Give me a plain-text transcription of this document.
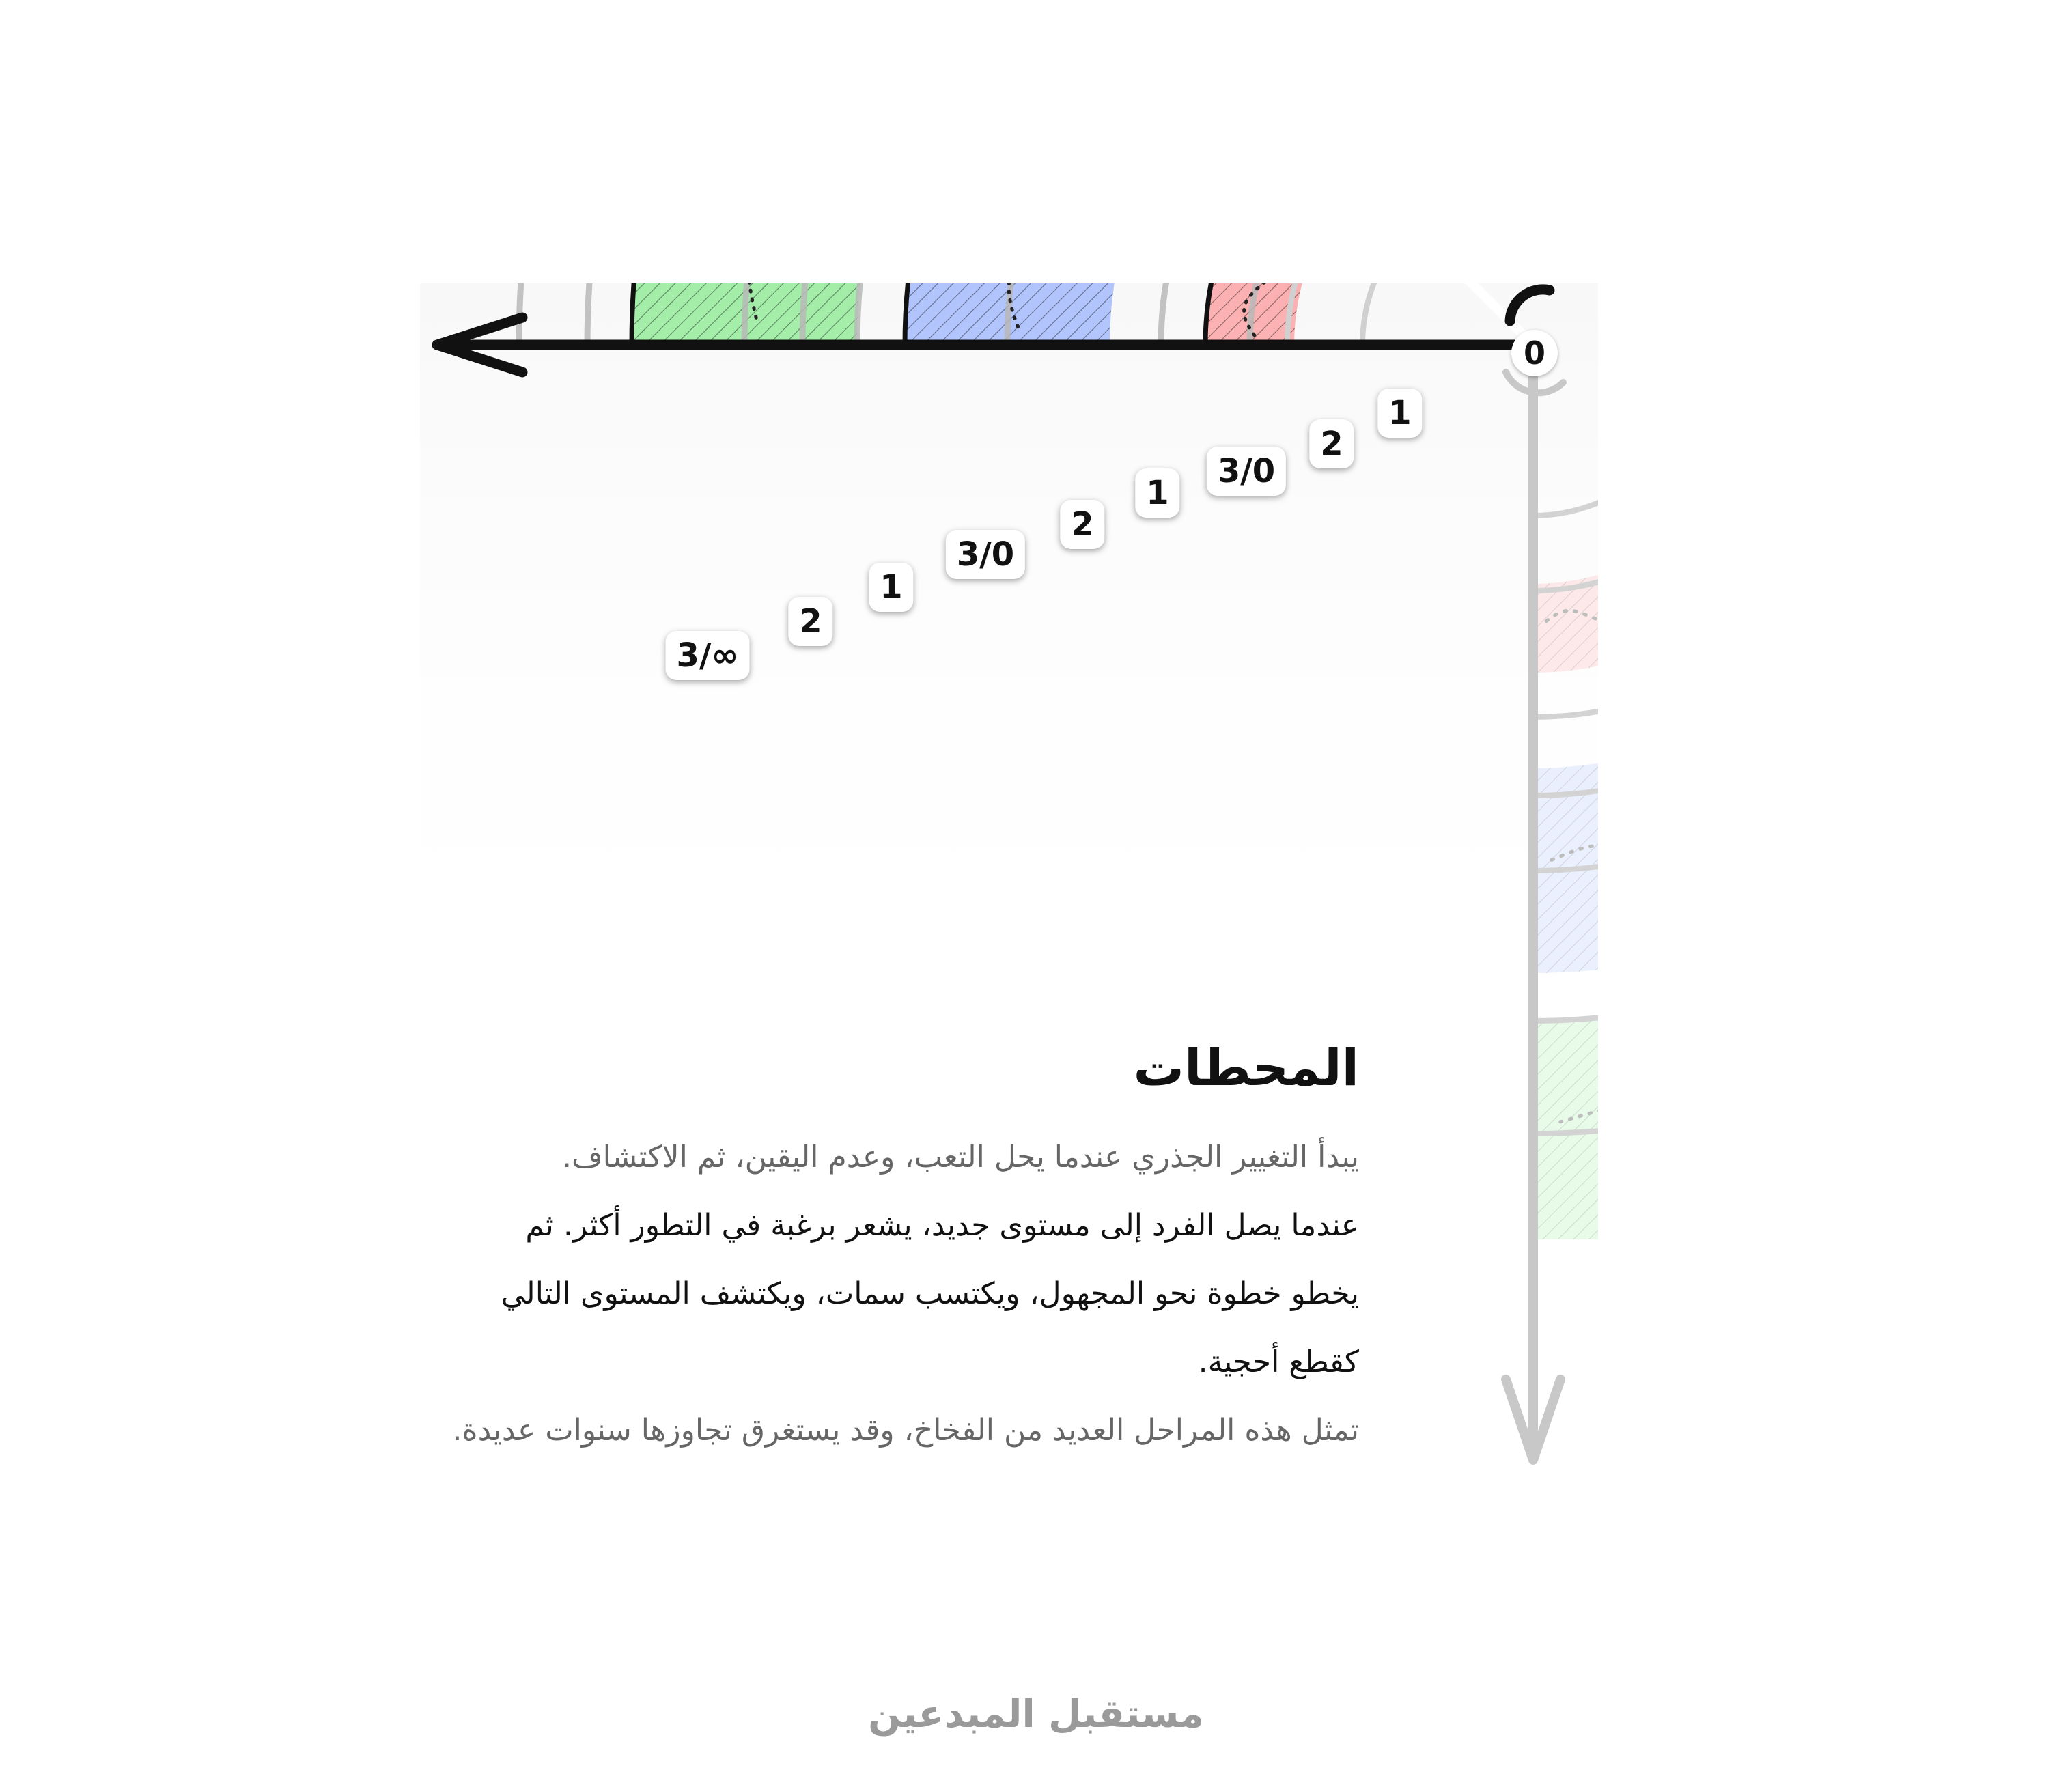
1
2
3/0
1
2
3/0
1
2
3/∞
0
المحطات

يبدأ التغيير الجذري عندما يحل التعب، وعدم اليقين، ثم الاكتشاف.

عندما يصل الفرد إلى مستوى جديد، يشعر برغبة في التطور أكثر. ثم يخطو خطوة نحو المجهول، ويكتسب سمات، ويكتشف المستوى التالي كقطع أحجية.

تمثل هذه المراحل العديد من الفخاخ، وقد يستغرق تجاوزها سنوات عديدة.

مستقبل المبدعين
